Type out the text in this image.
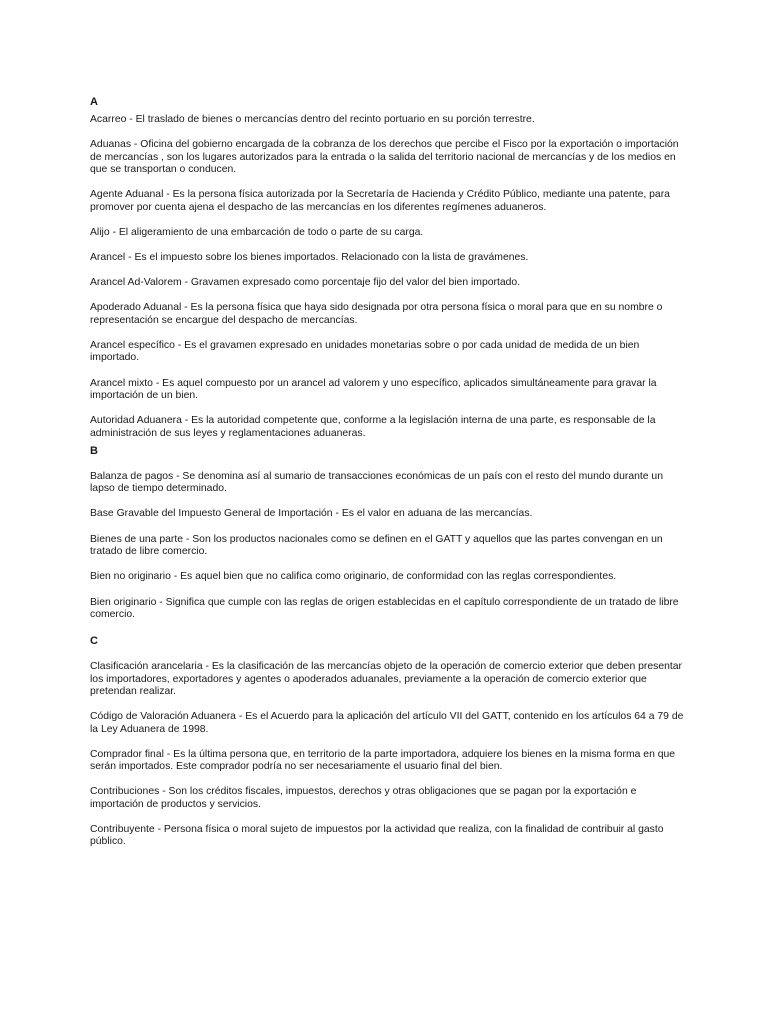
A
Acarreo - El traslado de bienes o mercancías dentro del recinto portuario en su porción terrestre.
Aduanas - Oficina del gobierno encargada de la cobranza de los derechos que percibe el Fisco por la exportación o importación de mercancías , son los lugares autorizados para la entrada o la salida del territorio nacional de mercancías y de los medios en que se transportan o conducen.
Agente Aduanal - Es la persona física autorizada por la Secretaría de Hacienda y Crédito Público, mediante una patente, para promover por cuenta ajena el despacho de las mercancías en los diferentes regímenes aduaneros.
Alijo - El aligeramiento de una embarcación de todo o parte de su carga.
Arancel - Es el impuesto sobre los bienes importados. Relacionado con la lista de gravámenes.
Arancel Ad-Valorem - Gravamen expresado como porcentaje fijo del valor del bien importado.
Apoderado Aduanal - Es la persona física que haya sido designada por otra persona física o moral para que en su nombre o representación se encargue del despacho de mercancías.
Arancel específico - Es el gravamen expresado en unidades monetarias sobre o por cada unidad de medida de un bien importado.
Arancel mixto - Es aquel compuesto por un arancel ad valorem y uno específico, aplicados simultáneamente para gravar la importación de un bien.
Autoridad Aduanera - Es la autoridad competente que, conforme a la legislación interna de una parte, es responsable de la administración de sus leyes y reglamentaciones aduaneras.
B
Balanza de pagos - Se denomina así al sumario de transacciones económicas de un país con el resto del mundo durante un lapso de tiempo determinado.
Base Gravable del Impuesto General de Importación - Es el valor en aduana de las mercancías.
Bienes de una parte - Son los productos nacionales como se definen en el GATT y aquellos que las partes convengan en un tratado de libre comercio.
Bien no originario - Es aquel bien que no califica como originario, de conformidad con las reglas correspondientes.
Bien originario - Significa que cumple con las reglas de origen establecidas en el capítulo correspondiente de un tratado de libre comercio.
C
Clasificación arancelaria - Es la clasificación de las mercancías objeto de la operación de comercio exterior que deben presentar los importadores, exportadores y agentes o apoderados aduanales, previamente a la operación de comercio exterior que pretendan realizar.
Código de Valoración Aduanera - Es el Acuerdo para la aplicación del artículo VII del GATT, contenido en los artículos 64 a 79 de la Ley Aduanera de 1998.
Comprador final - Es la última persona que, en territorio de la parte importadora, adquiere los bienes en la misma forma en que serán importados. Este comprador podría no ser necesariamente el usuario final del bien.
Contribuciones - Son los créditos fiscales, impuestos, derechos y otras obligaciones que se pagan por la exportación e importación de productos y servicios.
Contribuyente - Persona física o moral sujeto de impuestos por la actividad que realiza, con la finalidad de contribuir al gasto público.
